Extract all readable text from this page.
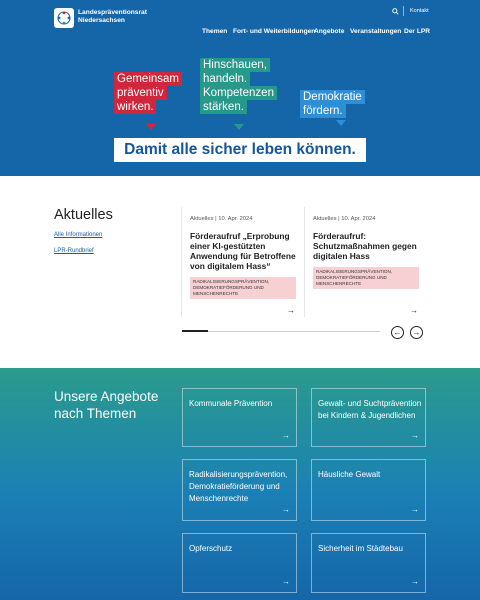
Landespräventionsrat
Niedersachsen
Kontakt
Themen Fort- und Weiterbildungen
Angebote Veranstaltungen Der LPR
Gemeinsam
präventiv
wirken.
Hinschauen,
handeln.
Kompetenzen
stärken.
Demokratie
fördern.
Damit alle sicher leben können.
Aktuelles
Alle Informationen
LPR-Rundbrief
Aktuelles | 10. Apr. 2024
Förderaufruf „Erprobung einer KI-gestützten Anwendung für Betroffene von digitalem Hass“
RADIKALISIERUNGSPRÄVENTION, DEMOKRATIEFÖRDERUNG UND MENSCHENRECHTE
→
Aktuelles | 10. Apr. 2024
Förderaufruf: Schutzmaßnahmen gegen digitalen Hass
RADIKALISIERUNGSPRÄVENTION, DEMOKRATIEFÖRDERUNG UND MENSCHENRECHTE
→
←	→
Unsere Angebote
nach Themen
Kommunale Prävention
→
Gewalt- und Suchtprävention bei Kindern & Jugendlichen
→
Radikalisierungsprävention, Demokratieförderung und Menschenrechte
→
Häusliche Gewalt
→
Opferschutz
→
Sicherheit im Städtebau
→
